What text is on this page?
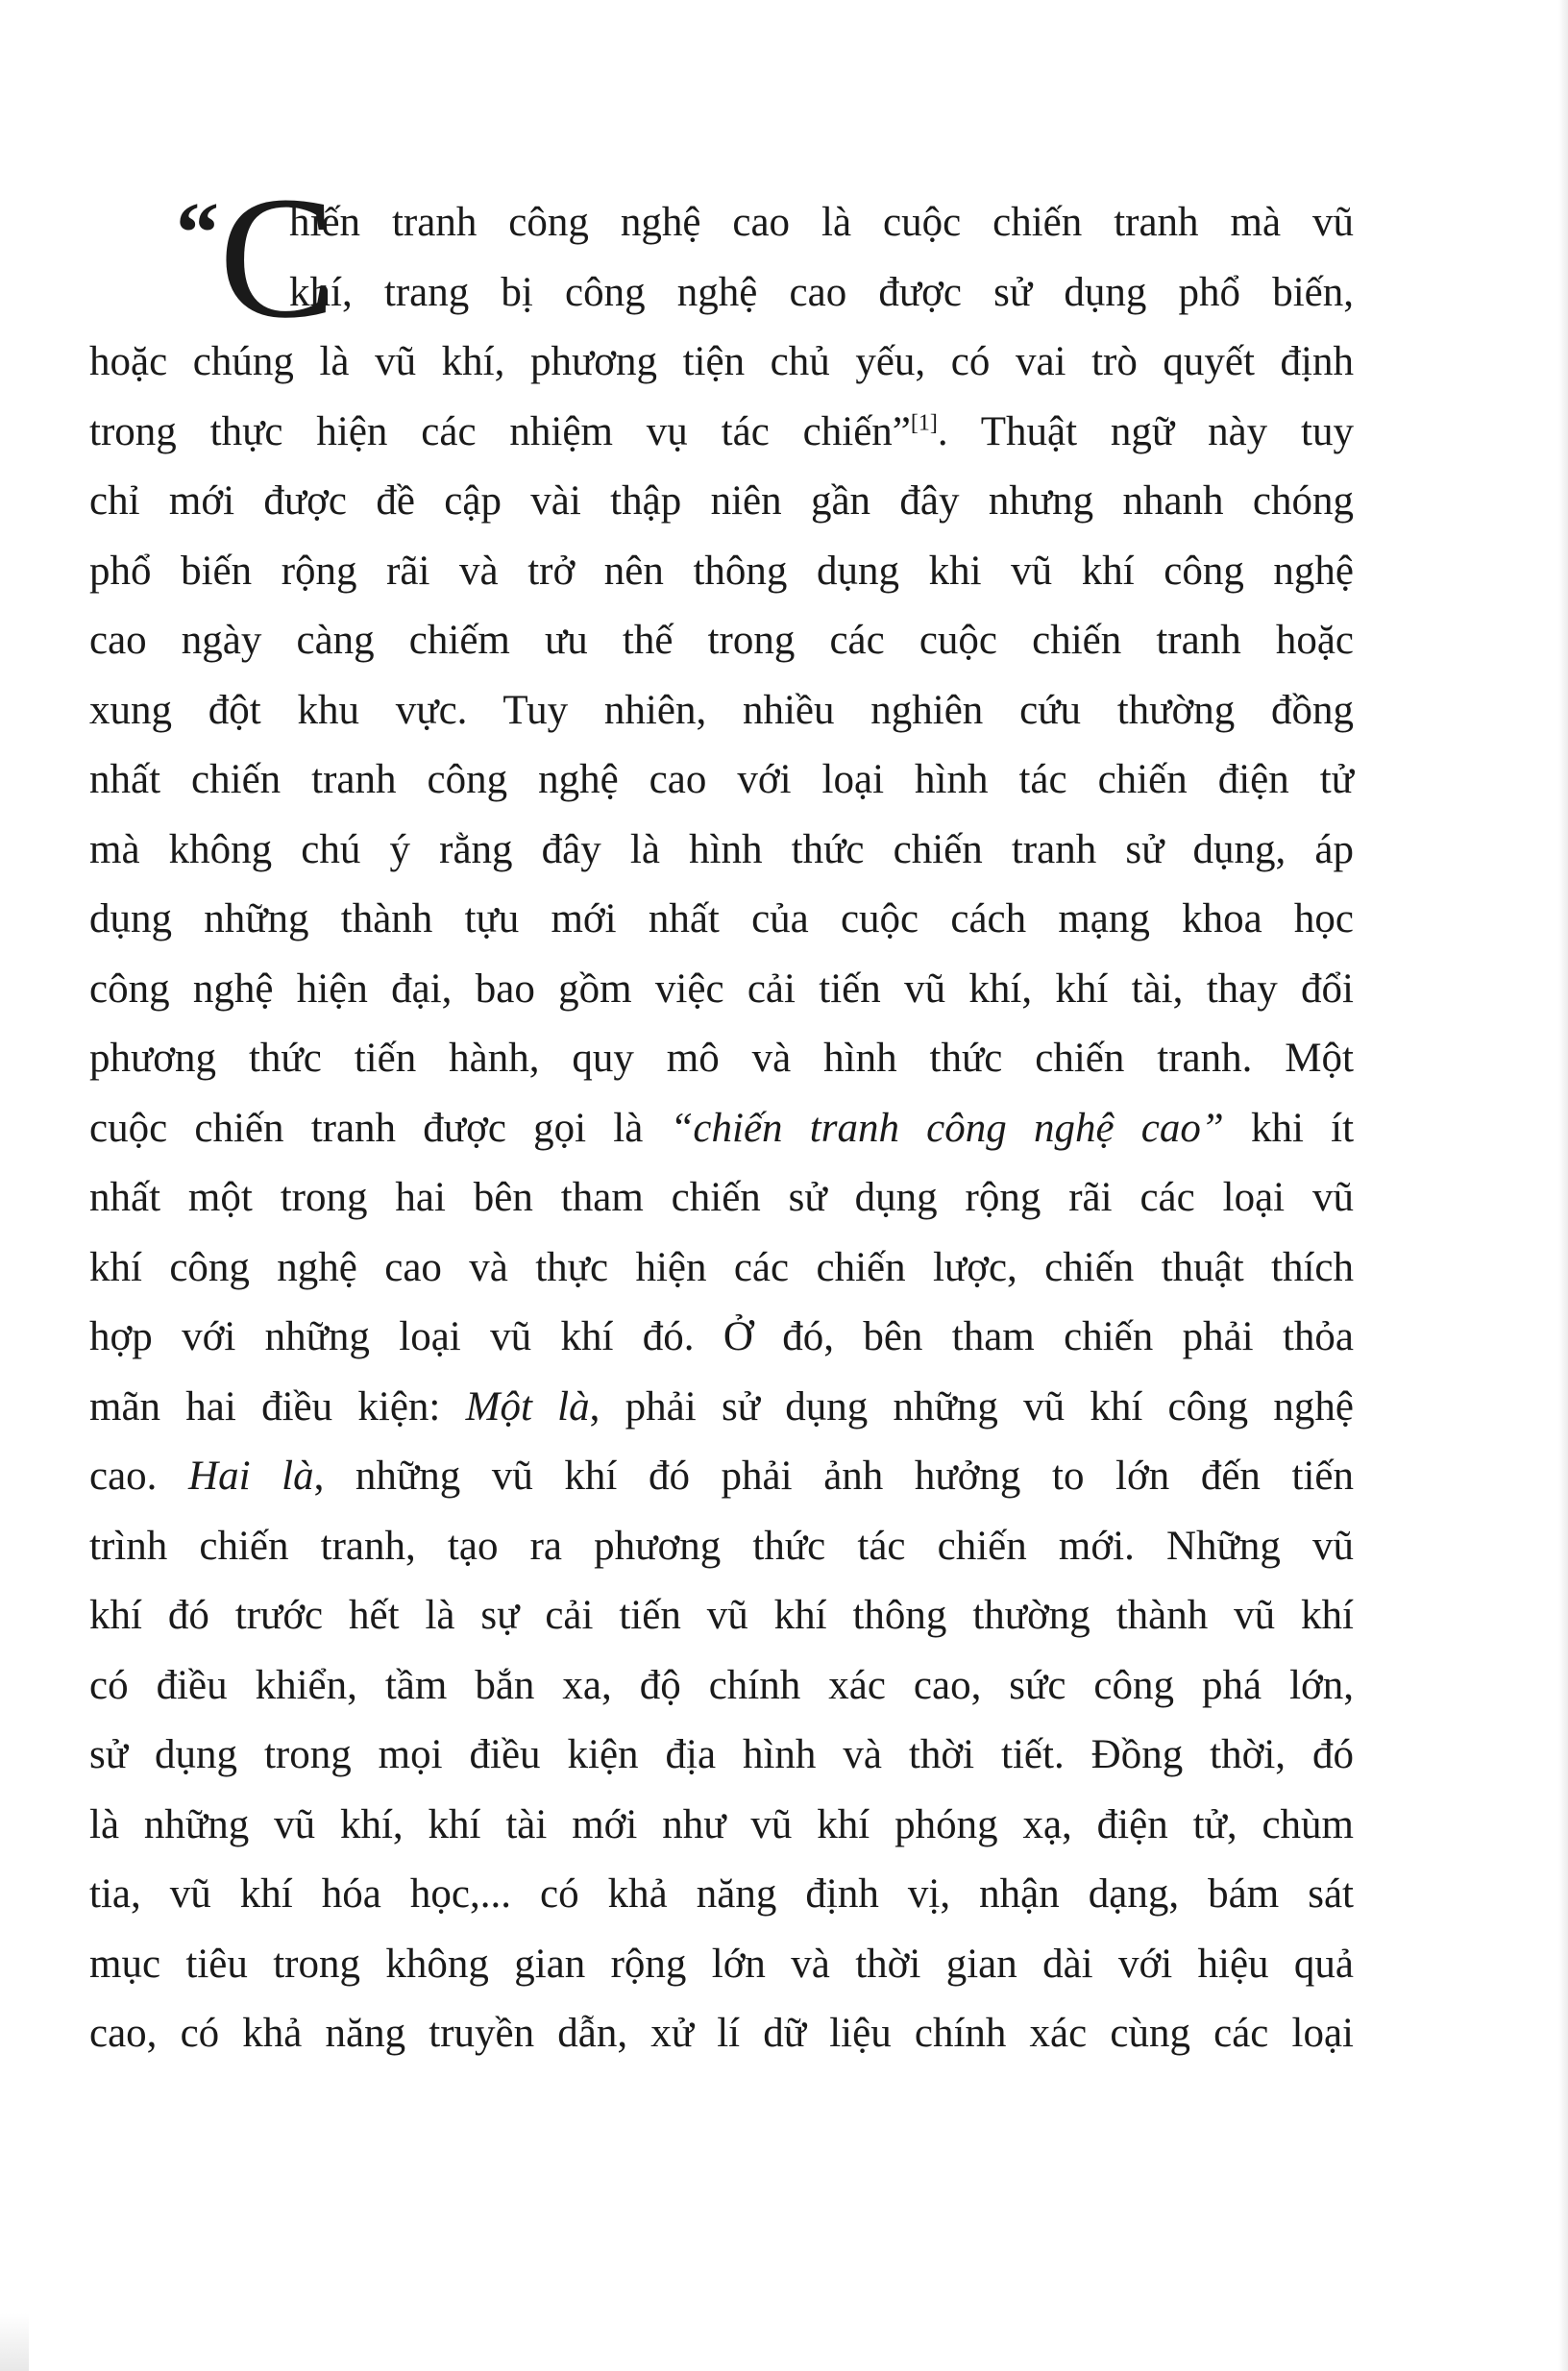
“ C
hiến tranh công nghệ cao là cuộc chiến tranh mà vũ
khí, trang bị công nghệ cao được sử dụng phổ biến,
hoặc chúng là vũ khí, phương tiện chủ yếu, có vai trò quyết định
trong thực hiện các nhiệm vụ tác chiến”[1]. Thuật ngữ này tuy
chỉ mới được đề cập vài thập niên gần đây nhưng nhanh chóng
phổ biến rộng rãi và trở nên thông dụng khi vũ khí công nghệ
cao ngày càng chiếm ưu thế trong các cuộc chiến tranh hoặc
xung đột khu vực. Tuy nhiên, nhiều nghiên cứu thường đồng
nhất chiến tranh công nghệ cao với loại hình tác chiến điện tử
mà không chú ý rằng đây là hình thức chiến tranh sử dụng, áp
dụng những thành tựu mới nhất của cuộc cách mạng khoa học
công nghệ hiện đại, bao gồm việc cải tiến vũ khí, khí tài, thay đổi
phương thức tiến hành, quy mô và hình thức chiến tranh. Một
cuộc chiến tranh được gọi là “chiến tranh công nghệ cao” khi ít
nhất một trong hai bên tham chiến sử dụng rộng rãi các loại vũ
khí công nghệ cao và thực hiện các chiến lược, chiến thuật thích
hợp với những loại vũ khí đó. Ở đó, bên tham chiến phải thỏa
mãn hai điều kiện: Một là, phải sử dụng những vũ khí công nghệ
cao. Hai là, những vũ khí đó phải ảnh hưởng to lớn đến tiến
trình chiến tranh, tạo ra phương thức tác chiến mới. Những vũ
khí đó trước hết là sự cải tiến vũ khí thông thường thành vũ khí
có điều khiển, tầm bắn xa, độ chính xác cao, sức công phá lớn,
sử dụng trong mọi điều kiện địa hình và thời tiết. Đồng thời, đó
là những vũ khí, khí tài mới như vũ khí phóng xạ, điện tử, chùm
tia, vũ khí hóa học,... có khả năng định vị, nhận dạng, bám sát
mục tiêu trong không gian rộng lớn và thời gian dài với hiệu quả
cao, có khả năng truyền dẫn, xử lí dữ liệu chính xác cùng các loại
